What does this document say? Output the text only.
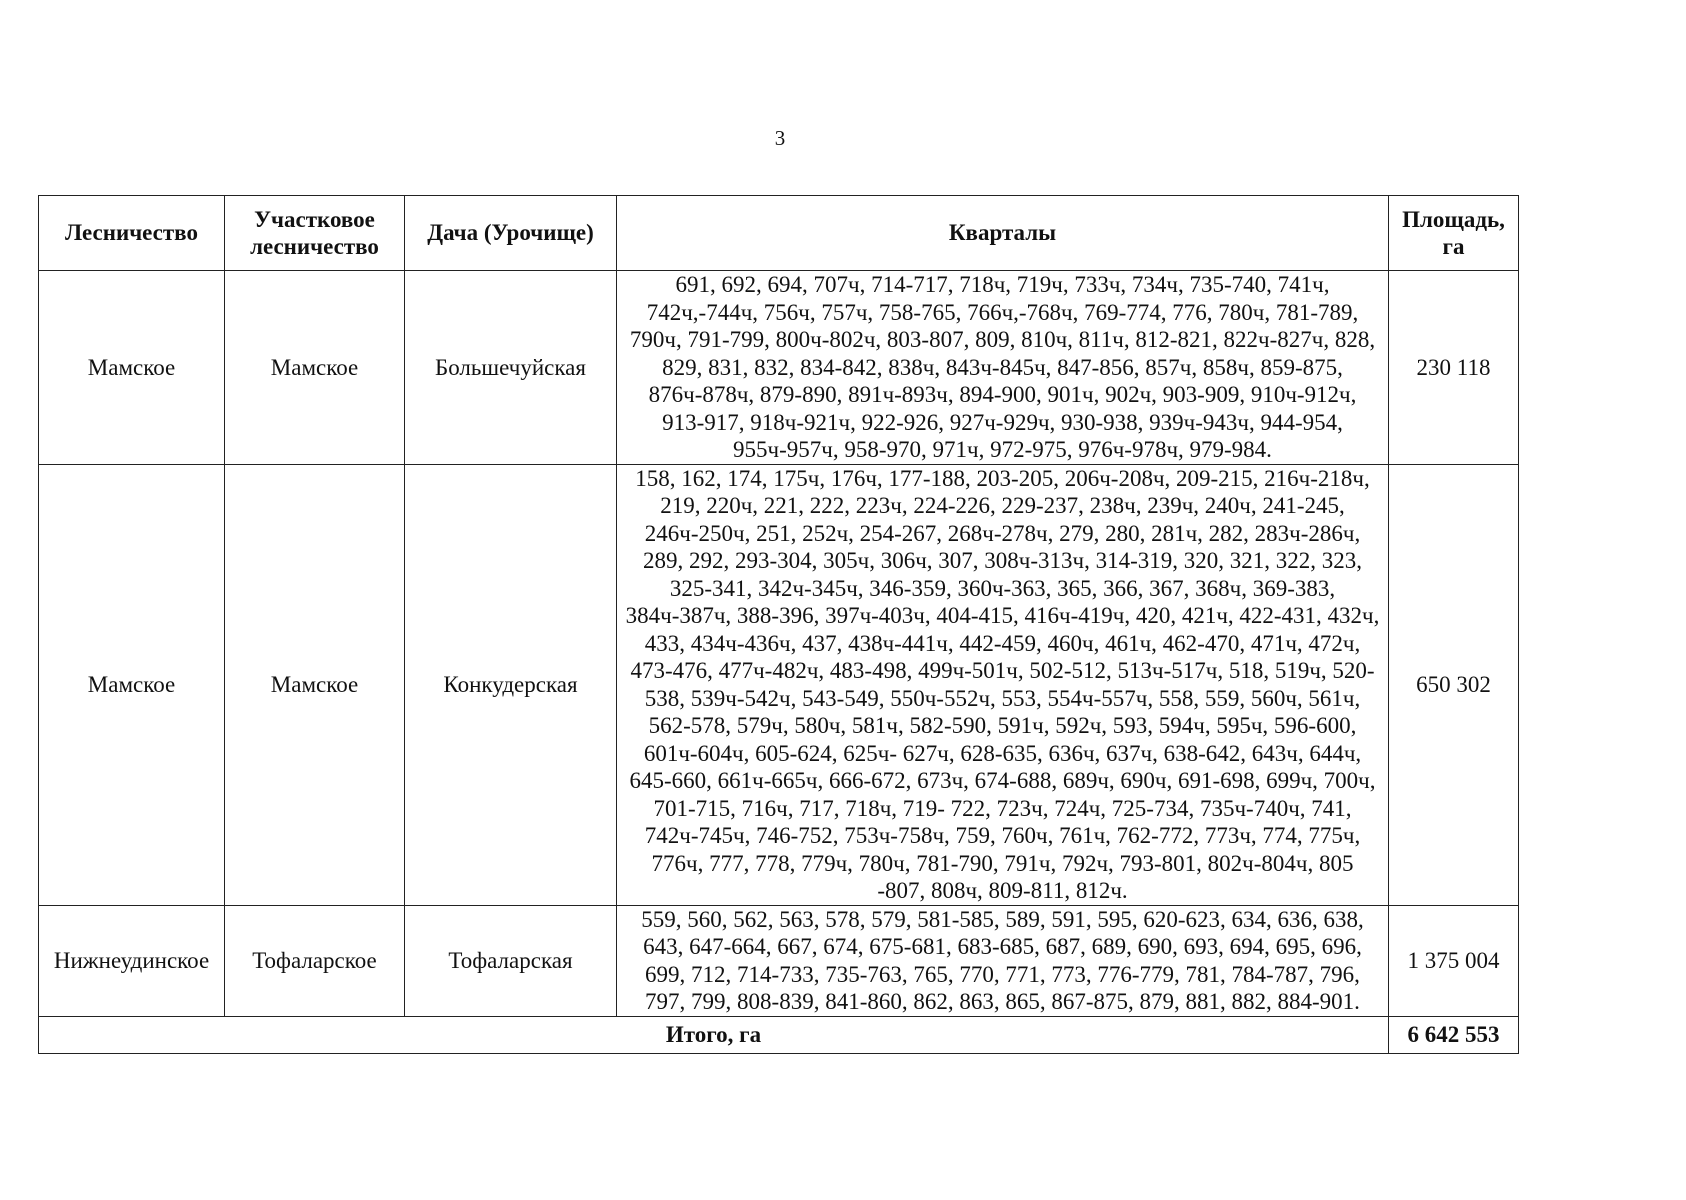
3
Лесничество	Участковое лесничество	Дача (Урочище)	Кварталы	Площадь, га
Мамское	Мамское	Большечуйская	691, 692, 694, 707ч, 714-717, 718ч, 719ч, 733ч, 734ч, 735-740, 741ч, 742ч,-744ч, 756ч, 757ч, 758-765, 766ч,-768ч, 769-774, 776, 780ч, 781-789, 790ч, 791-799, 800ч-802ч, 803-807, 809, 810ч, 811ч, 812-821, 822ч-827ч, 828, 829, 831, 832, 834-842, 838ч, 843ч-845ч, 847-856, 857ч, 858ч, 859-875, 876ч-878ч, 879-890, 891ч-893ч, 894-900, 901ч, 902ч, 903-909, 910ч-912ч, 913-917, 918ч-921ч, 922-926, 927ч-929ч, 930-938, 939ч-943ч, 944-954, 955ч-957ч, 958-970, 971ч, 972-975, 976ч-978ч, 979-984.	230 118
Мамское	Мамское	Конкудерская	158, 162, 174, 175ч, 176ч, 177-188, 203-205, 206ч-208ч, 209-215, 216ч-218ч, 219, 220ч, 221, 222, 223ч, 224-226, 229-237, 238ч, 239ч, 240ч, 241-245, 246ч-250ч, 251, 252ч, 254-267, 268ч-278ч, 279, 280, 281ч, 282, 283ч-286ч, 289, 292, 293-304, 305ч, 306ч, 307, 308ч-313ч, 314-319, 320, 321, 322, 323, 325-341, 342ч-345ч, 346-359, 360ч-363, 365, 366, 367, 368ч, 369-383, 384ч-387ч, 388-396, 397ч-403ч, 404-415, 416ч-419ч, 420, 421ч, 422-431, 432ч, 433, 434ч-436ч, 437, 438ч-441ч, 442-459, 460ч, 461ч, 462-470, 471ч, 472ч, 473-476, 477ч-482ч, 483-498, 499ч-501ч, 502-512, 513ч-517ч, 518, 519ч, 520-538, 539ч-542ч, 543-549, 550ч-552ч, 553, 554ч-557ч, 558, 559, 560ч, 561ч, 562-578, 579ч, 580ч, 581ч, 582-590, 591ч, 592ч, 593, 594ч, 595ч, 596-600, 601ч-604ч, 605-624, 625ч- 627ч, 628-635, 636ч, 637ч, 638-642, 643ч, 644ч, 645-660, 661ч-665ч, 666-672, 673ч, 674-688, 689ч, 690ч, 691-698, 699ч, 700ч, 701-715, 716ч, 717, 718ч, 719- 722, 723ч, 724ч, 725-734, 735ч-740ч, 741, 742ч-745ч, 746-752, 753ч-758ч, 759, 760ч, 761ч, 762-772, 773ч, 774, 775ч, 776ч, 777, 778, 779ч, 780ч, 781-790, 791ч, 792ч, 793-801, 802ч-804ч, 805 -807, 808ч, 809-811, 812ч.	650 302
Нижнеудинское	Тофаларское	Тофаларская	559, 560, 562, 563, 578, 579, 581-585, 589, 591, 595, 620-623, 634, 636, 638, 643, 647-664, 667, 674, 675-681, 683-685, 687, 689, 690, 693, 694, 695, 696, 699, 712, 714-733, 735-763, 765, 770, 771, 773, 776-779, 781, 784-787, 796, 797, 799, 808-839, 841-860, 862, 863, 865, 867-875, 879, 881, 882, 884-901.	1 375 004
Итого, га				6 642 553
